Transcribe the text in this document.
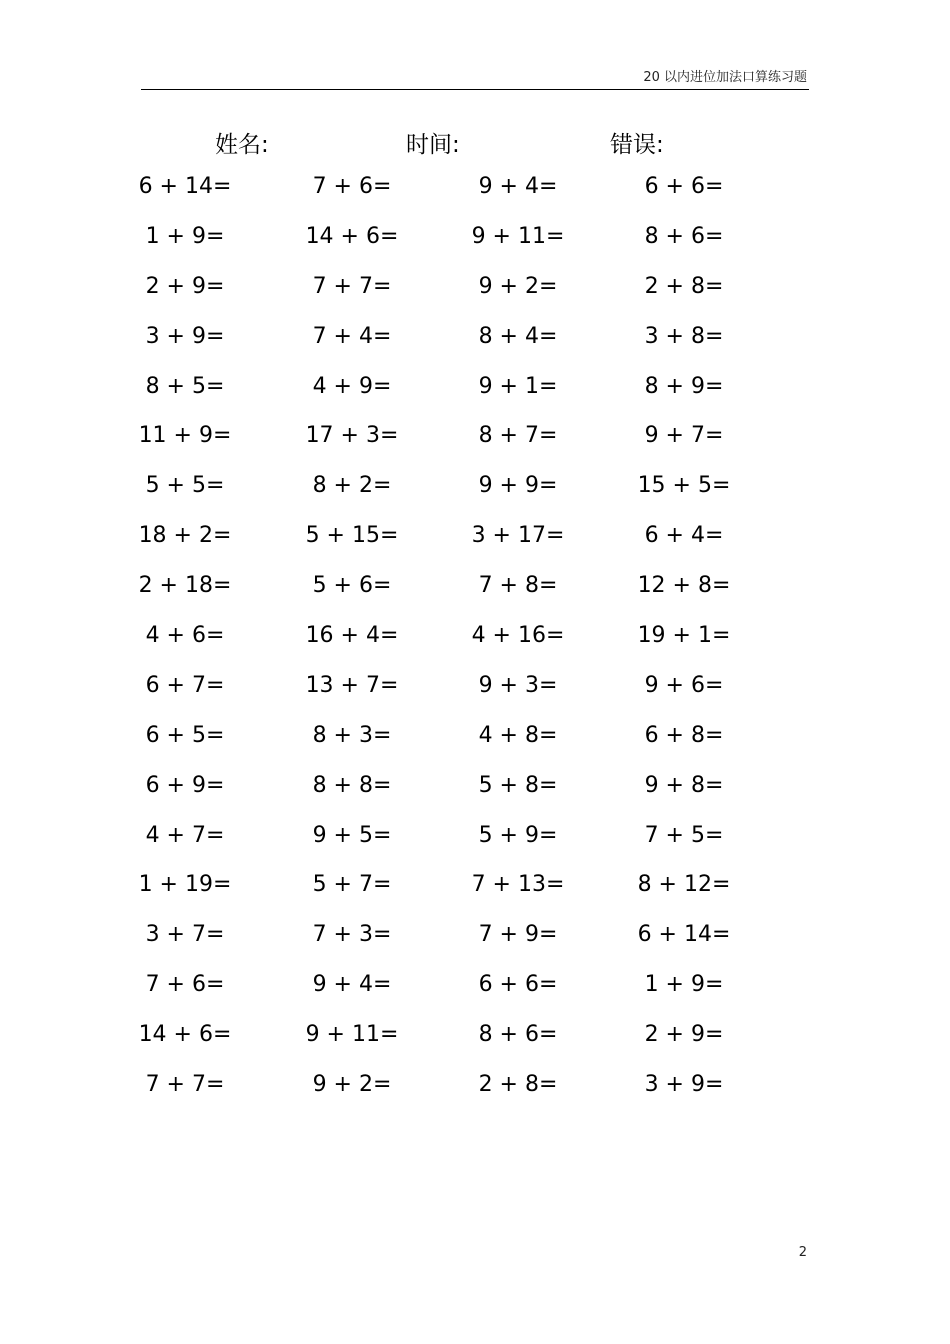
20 以内进位加法口算练习题
姓名:	时间:	错误:
6 + 14=	7 + 6=	9 + 4=	6 + 6=
1 + 9=	14 + 6=	9 + 11=	8 + 6=
2 + 9=	7 + 7=	9 + 2=	2 + 8=
3 + 9=	7 + 4=	8 + 4=	3 + 8=
8 + 5=	4 + 9=	9 + 1=	8 + 9=
11 + 9=	17 + 3=	8 + 7=	9 + 7=
5 + 5=	8 + 2=	9 + 9=	15 + 5=
18 + 2=	5 + 15=	3 + 17=	6 + 4=
2 + 18=	5 + 6=	7 + 8=	12 + 8=
4 + 6=	16 + 4=	4 + 16=	19 + 1=
6 + 7=	13 + 7=	9 + 3=	9 + 6=
6 + 5=	8 + 3=	4 + 8=	6 + 8=
6 + 9=	8 + 8=	5 + 8=	9 + 8=
4 + 7=	9 + 5=	5 + 9=	7 + 5=
1 + 19=	5 + 7=	7 + 13=	8 + 12=
3 + 7=	7 + 3=	7 + 9=	6 + 14=
7 + 6=	9 + 4=	6 + 6=	1 + 9=
14 + 6=	9 + 11=	8 + 6=	2 + 9=
7 + 7=	9 + 2=	2 + 8=	3 + 9=
2
